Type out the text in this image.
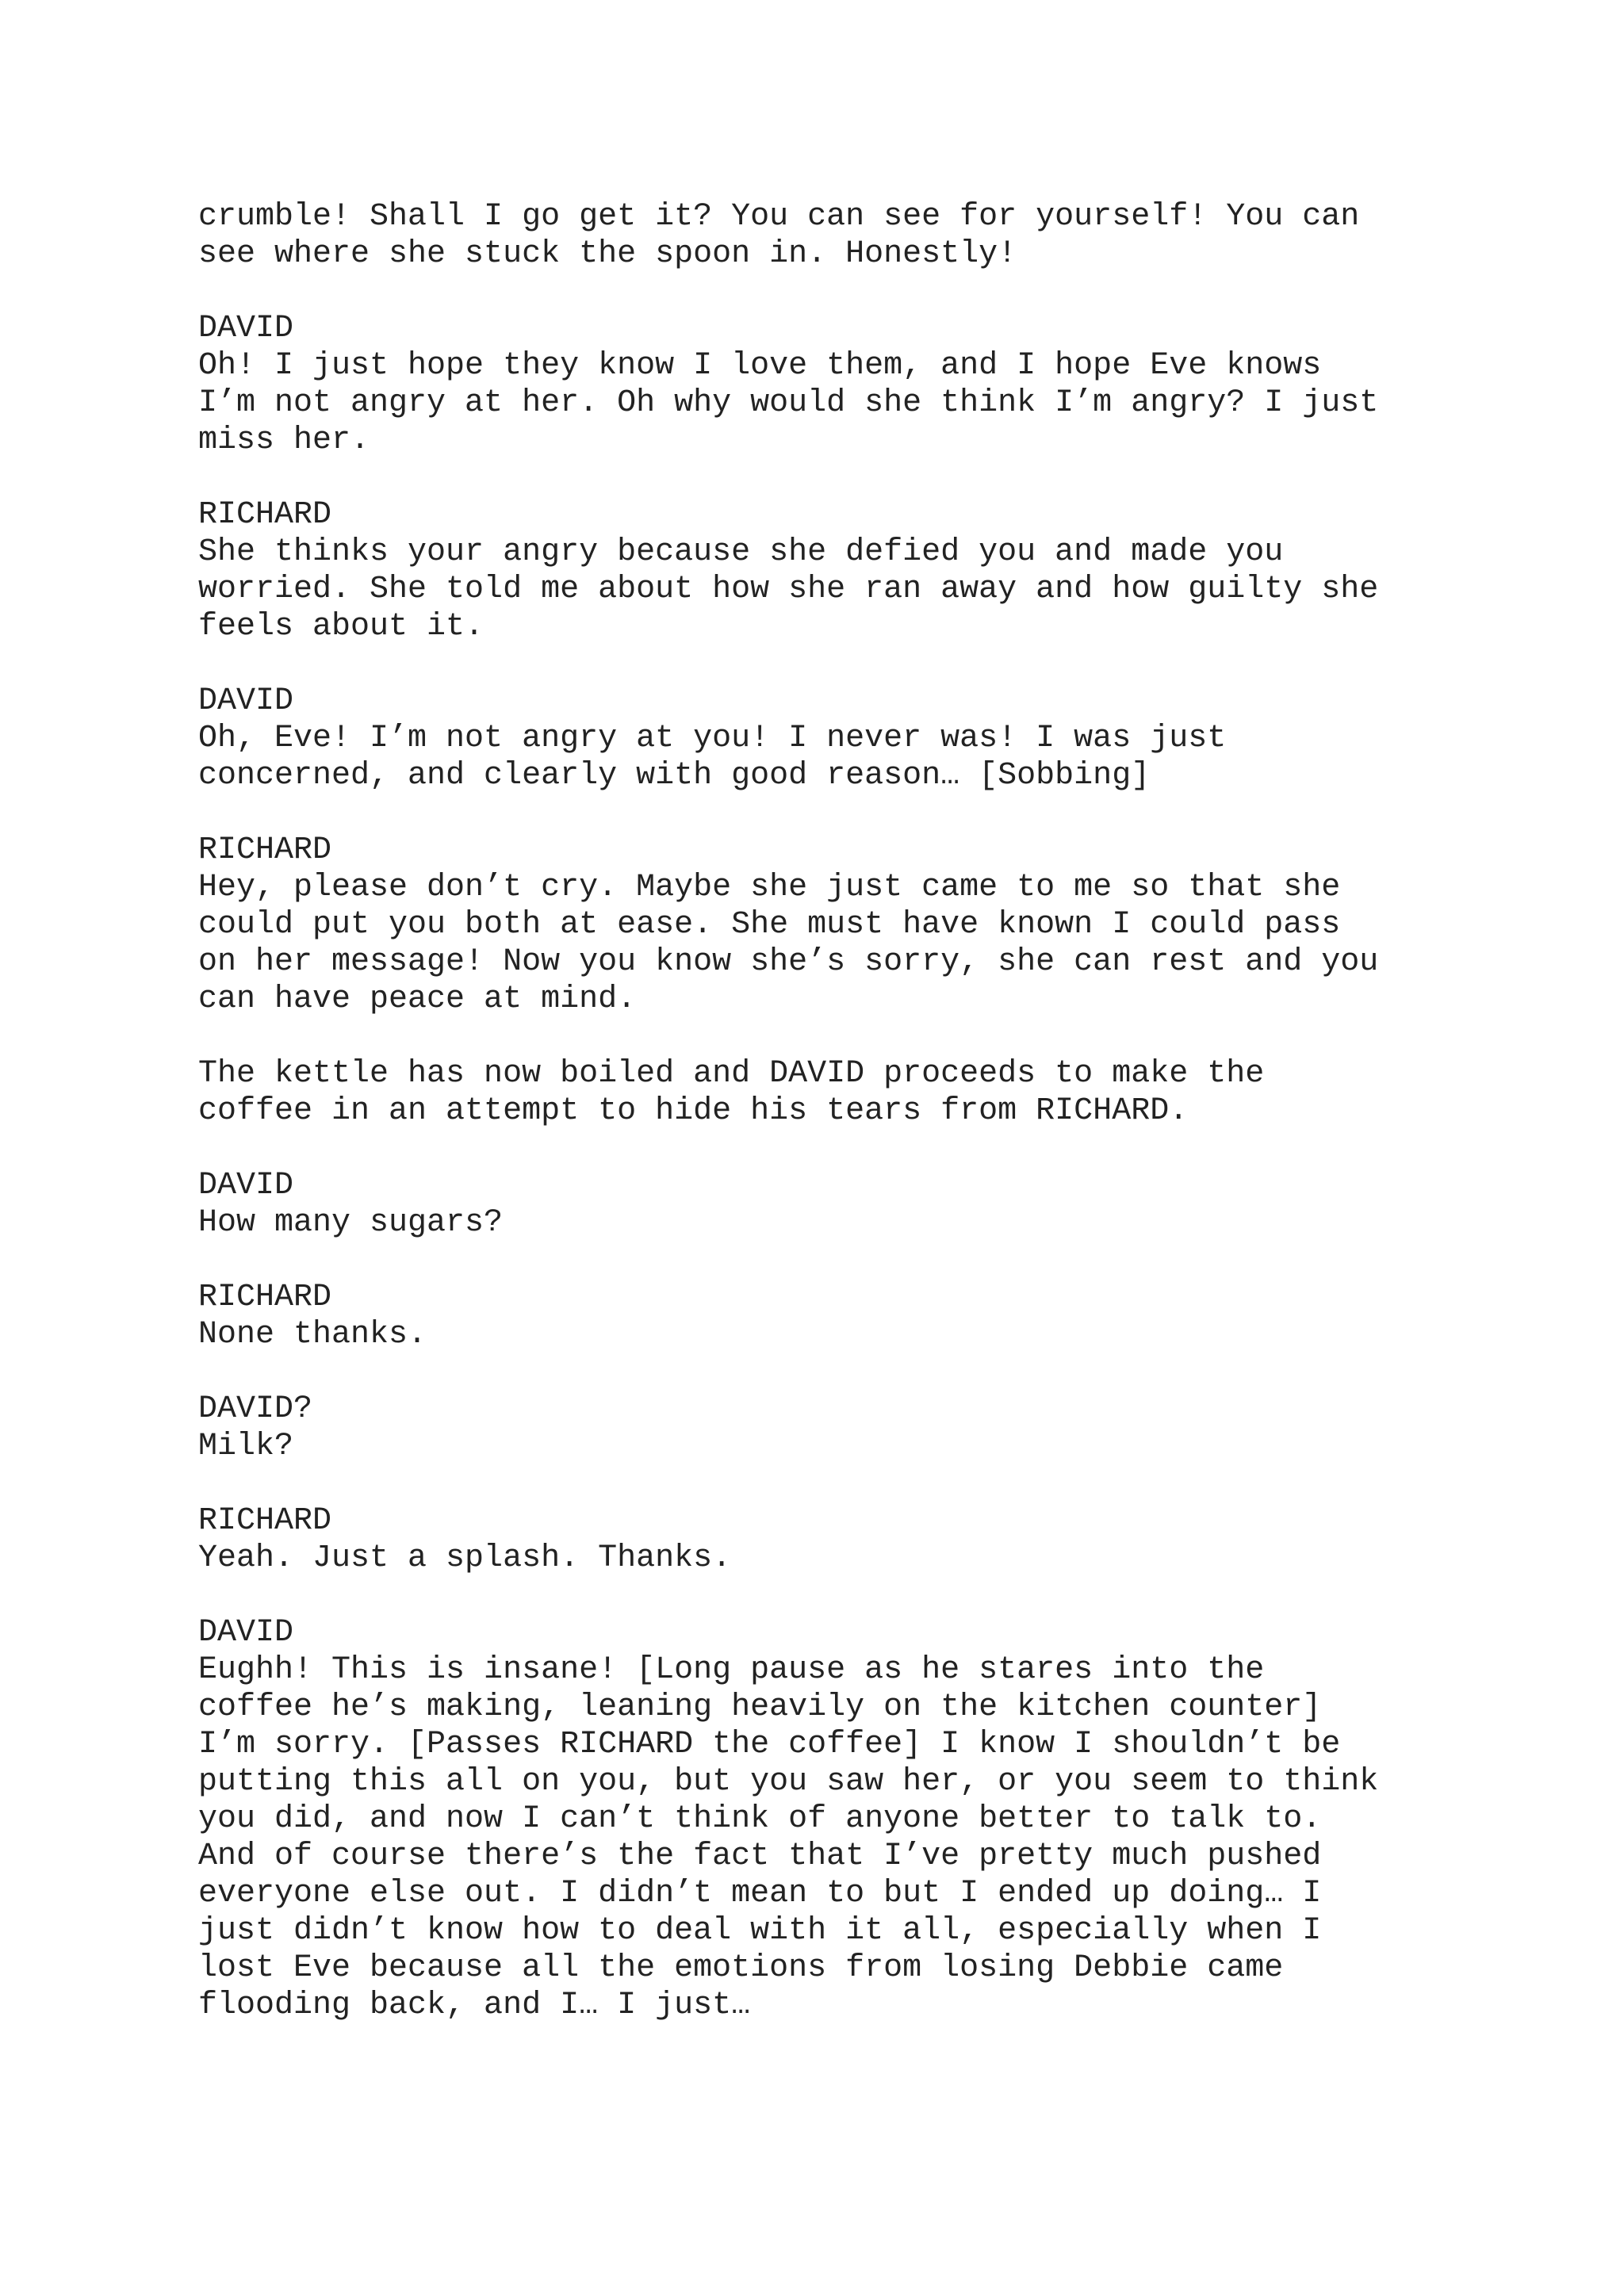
crumble! Shall I go get it? You can see for yourself! You can
see where she stuck the spoon in. Honestly!
DAVID
Oh! I just hope they know I love them, and I hope Eve knows
I’m not angry at her. Oh why would she think I’m angry? I just
miss her.
RICHARD
She thinks your angry because she defied you and made you
worried. She told me about how she ran away and how guilty she
feels about it.
DAVID
Oh, Eve! I’m not angry at you! I never was! I was just
concerned, and clearly with good reason… [Sobbing]
RICHARD
Hey, please don’t cry. Maybe she just came to me so that she
could put you both at ease. She must have known I could pass
on her message! Now you know she’s sorry, she can rest and you
can have peace at mind.
The kettle has now boiled and DAVID proceeds to make the
coffee in an attempt to hide his tears from RICHARD.
DAVID
How many sugars?
RICHARD
None thanks.
DAVID?
Milk?
RICHARD
Yeah. Just a splash. Thanks.
DAVID
Eughh! This is insane! [Long pause as he stares into the
coffee he’s making, leaning heavily on the kitchen counter]
I’m sorry. [Passes RICHARD the coffee] I know I shouldn’t be
putting this all on you, but you saw her, or you seem to think
you did, and now I can’t think of anyone better to talk to.
And of course there’s the fact that I’ve pretty much pushed
everyone else out. I didn’t mean to but I ended up doing… I
just didn’t know how to deal with it all, especially when I
lost Eve because all the emotions from losing Debbie came
flooding back, and I… I just…
